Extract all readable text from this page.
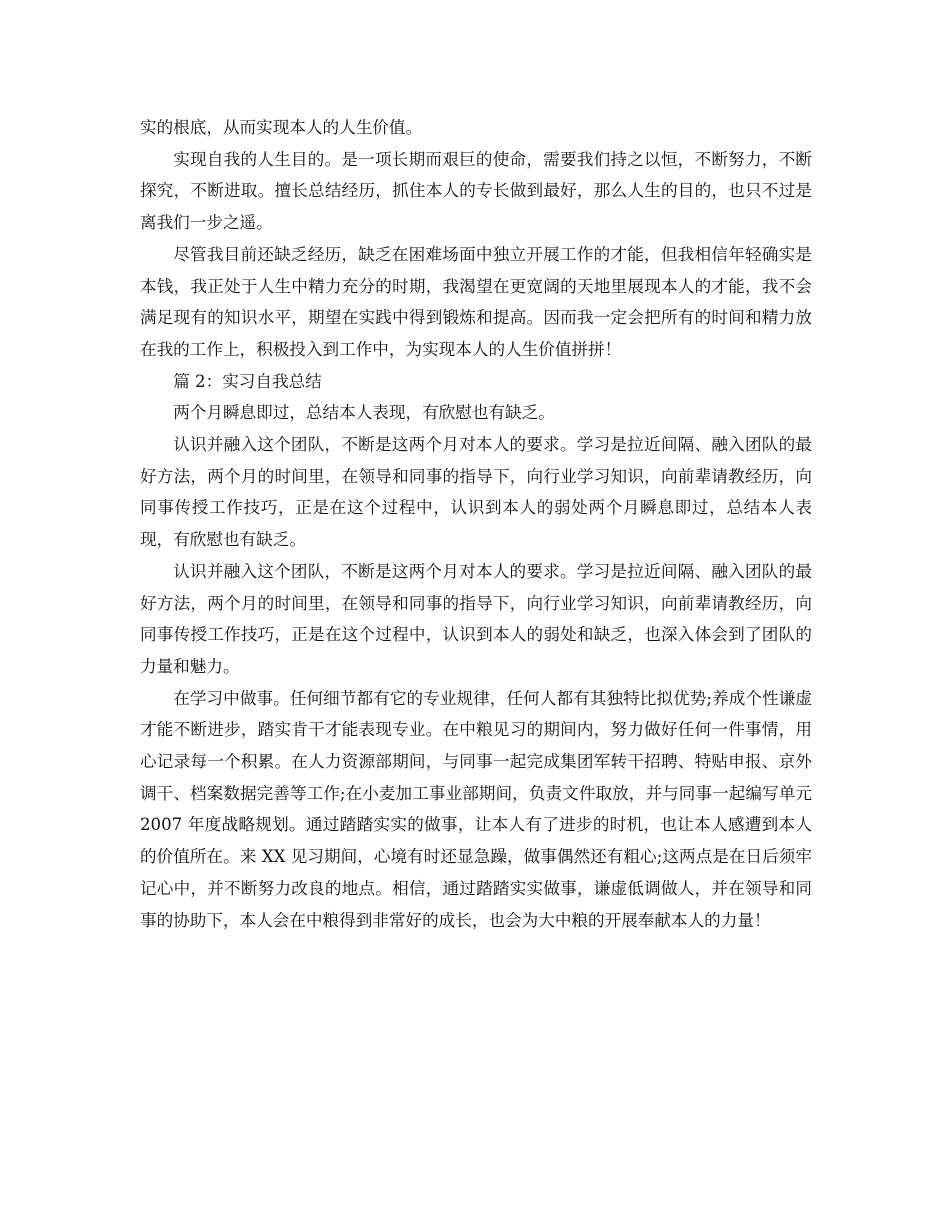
实的根底，从而实现本人的人生价值。

实现自我的人生目的。是一项长期而艰巨的使命，需要我们持之以恒，不断努力，不断探究，不断进取。擅长总结经历，抓住本人的专长做到最好，那么人生的目的，也只不过是离我们一步之遥。

尽管我目前还缺乏经历，缺乏在困难场面中独立开展工作的才能，但我相信年轻确实是本钱，我正处于人生中精力充分的时期，我渴望在更宽阔的天地里展现本人的才能，我不会满足现有的知识水平，期望在实践中得到锻炼和提高。因而我一定会把所有的时间和精力放在我的工作上，积极投入到工作中，为实现本人的人生价值拼拼！

篇 2：实习自我总结

两个月瞬息即过，总结本人表现，有欣慰也有缺乏。

认识并融入这个团队，不断是这两个月对本人的要求。学习是拉近间隔、融入团队的最好方法，两个月的时间里，在领导和同事的指导下，向行业学习知识，向前辈请教经历，向同事传授工作技巧，正是在这个过程中，认识到本人的弱处两个月瞬息即过，总结本人表现，有欣慰也有缺乏。

认识并融入这个团队，不断是这两个月对本人的要求。学习是拉近间隔、融入团队的最好方法，两个月的时间里，在领导和同事的指导下，向行业学习知识，向前辈请教经历，向同事传授工作技巧，正是在这个过程中，认识到本人的弱处和缺乏，也深入体会到了团队的力量和魅力。

在学习中做事。任何细节都有它的专业规律，任何人都有其独特比拟优势;养成个性谦虚才能不断进步，踏实肯干才能表现专业。在中粮见习的期间内，努力做好任何一件事情，用心记录每一个积累。在人力资源部期间，与同事一起完成集团军转干招聘、特贴申报、京外调干、档案数据完善等工作;在小麦加工事业部期间，负责文件取放，并与同事一起编写单元 2007 年度战略规划。通过踏踏实实的做事，让本人有了进步的时机，也让本人感遭到本人的价值所在。来 XX 见习期间，心境有时还显急躁，做事偶然还有粗心;这两点是在日后须牢记心中，并不断努力改良的地点。相信，通过踏踏实实做事，谦虚低调做人，并在领导和同事的协助下，本人会在中粮得到非常好的成长，也会为大中粮的开展奉献本人的力量！
